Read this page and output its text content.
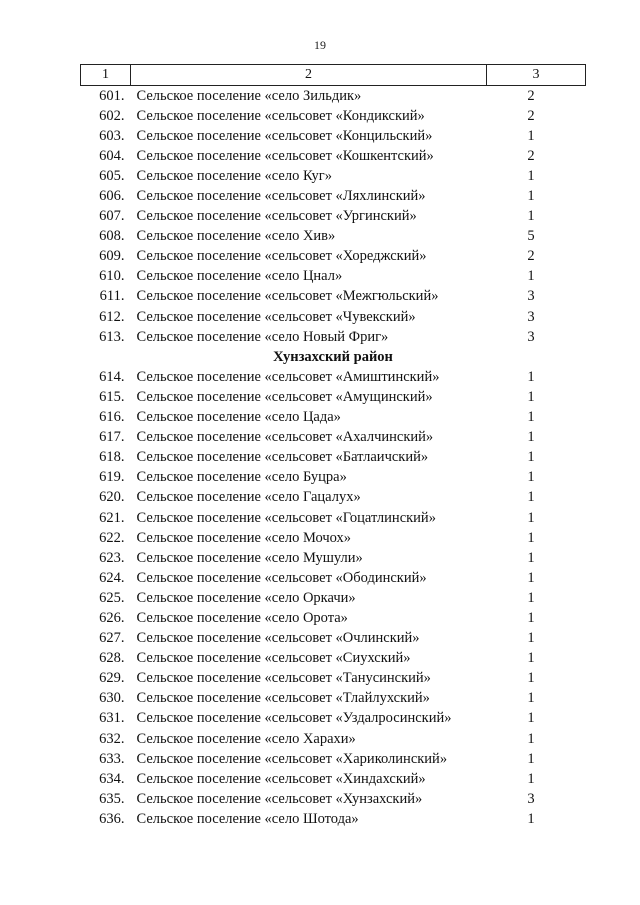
19
1	2	3
601.	Сельское поселение «село Зильдик»	2
602.	Сельское поселение «сельсовет «Кондикский»	2
603.	Сельское поселение «сельсовет «Концильский»	1
604.	Сельское поселение «сельсовет «Кошкентский»	2
605.	Сельское поселение «село Куг»	1
606.	Сельское поселение «сельсовет «Ляхлинский»	1
607.	Сельское поселение «сельсовет «Ургинский»	1
608.	Сельское поселение «село Хив»	5
609.	Сельское поселение «сельсовет «Хореджский»	2
610.	Сельское поселение «село Цнал»	1
611.	Сельское поселение «сельсовет «Межгюльский»	3
612.	Сельское поселение «сельсовет «Чувекский»	3
613.	Сельское поселение «село Новый Фриг»	3
Хунзахский район		
614.	Сельское поселение «сельсовет «Амиштинский»	1
615.	Сельское поселение «сельсовет «Амущинский»	1
616.	Сельское поселение «село Цада»	1
617.	Сельское поселение «сельсовет «Ахалчинский»	1
618.	Сельское поселение «сельсовет «Батлаичский»	1
619.	Сельское поселение «село Буцра»	1
620.	Сельское поселение «село Гацалух»	1
621.	Сельское поселение «сельсовет «Гоцатлинский»	1
622.	Сельское поселение «село Мочох»	1
623.	Сельское поселение «село Мушули»	1
624.	Сельское поселение «сельсовет «Ободинский»	1
625.	Сельское поселение «село Оркачи»	1
626.	Сельское поселение «село Орота»	1
627.	Сельское поселение «сельсовет «Очлинский»	1
628.	Сельское поселение «сельсовет «Сиухский»	1
629.	Сельское поселение «сельсовет «Танусинский»	1
630.	Сельское поселение «сельсовет «Тлайлухский»	1
631.	Сельское поселение «сельсовет «Уздалросинский»	1
632.	Сельское поселение «село Харахи»	1
633.	Сельское поселение «сельсовет «Хариколинский»	1
634.	Сельское поселение «сельсовет «Хиндахский»	1
635.	Сельское поселение «сельсовет «Хунзахский»	3
636.	Сельское поселение «село Шотода»	1
